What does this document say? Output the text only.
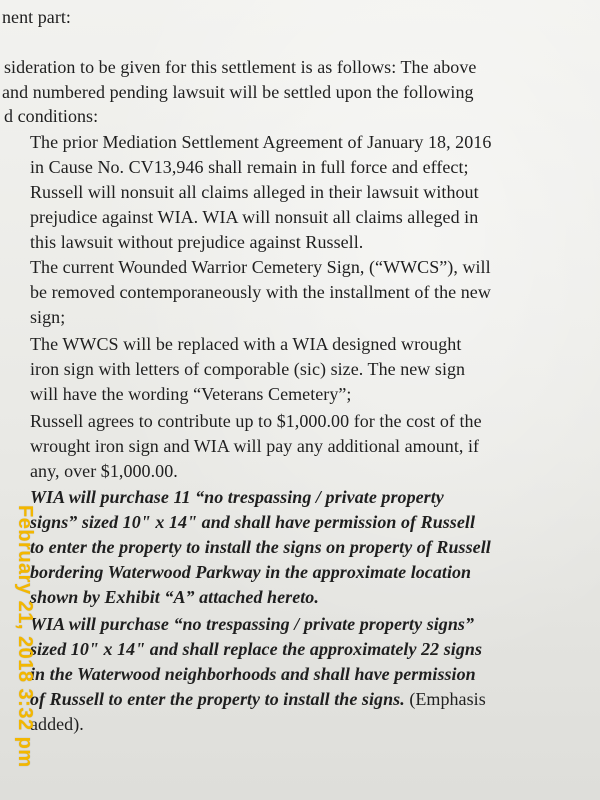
nent part:
sideration to be given for this settlement is as follows: The above
and numbered pending lawsuit will be settled upon the following
d conditions:
The prior Mediation Settlement Agreement of January 18, 2016
in Cause No. CV13,946 shall remain in full force and effect;
Russell will nonsuit all claims alleged in their lawsuit without
prejudice against WIA. WIA will nonsuit all claims alleged in
this lawsuit without prejudice against Russell.
The current Wounded Warrior Cemetery Sign, (“WWCS”), will
be removed contemporaneously with the installment of the new
sign;
The WWCS will be replaced with a WIA designed wrought
iron sign with letters of comporable (sic) size. The new sign
will have the wording “Veterans Cemetery”;
Russell agrees to contribute up to $1,000.00 for the cost of the
wrought iron sign and WIA will pay any additional amount, if
any, over $1,000.00.
WIA will purchase 11 “no trespassing / private property
signs” sized 10" x 14" and shall have permission of Russell
to enter the property to install the signs on property of Russell
bordering Waterwood Parkway in the approximate location
shown by Exhibit “A” attached hereto.
WIA will purchase “no trespassing / private property signs”
sized 10" x 14" and shall replace the approximately 22 signs
in the Waterwood neighborhoods and shall have permission
of Russell to enter the property to install the signs. (Emphasis
added).
February 21, 2018 3:32 pm
